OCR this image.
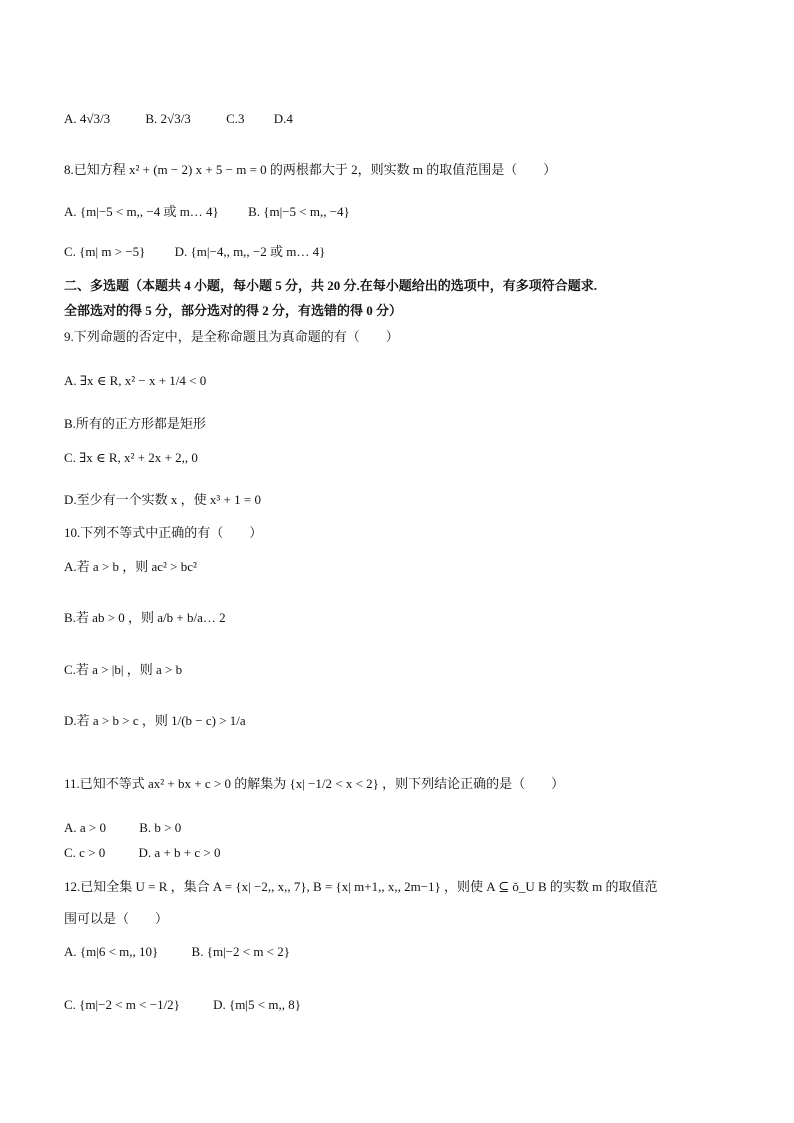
A. 4√3/3	B. 2√3/3	C.3 D.4
8.已知方程 x² + (m − 2) x + 5 − m = 0 的两根都大于 2，则实数 m 的取值范围是（　　）
A. {m|−5 < m,, −4 或 m… 4} B. {m|−5 < m,, −4}
C. {m| m > −5} D. {m|−4,, m,, −2 或 m… 4}
二、多选题（本题共 4 小题，每小题 5 分，共 20 分.在每小题给出的选项中，有多项符合题求.
全部选对的得 5 分，部分选对的得 2 分，有选错的得 0 分）
9.下列命题的否定中，是全称命题且为真命题的有（　　）
A. ∃x ∈ R, x² − x + 1/4 < 0
B.所有的正方形都是矩形
C. ∃x ∈ R, x² + 2x + 2,, 0
D.至少有一个实数 x ，使 x³ + 1 = 0
10.下列不等式中正确的有（　　）
A.若 a > b ，则 ac² > bc²
B.若 ab > 0 ，则 a/b + b/a… 2
C.若 a > |b| ，则 a > b
D.若 a > b > c ，则 1/(b − c) > 1/a
11.已知不等式 ax² + bx + c > 0 的解集为 {x| −1/2 < x < 2} ，则下列结论正确的是（　　）
A. a > 0	B. b > 0
C. c > 0	D. a + b + c > 0
12.已知全集 U = R ，集合 A = {x| −2,, x,, 7}, B = {x| m+1,, x,, 2m−1} ，则使 A ⊆ ǒ_U B 的实数 m 的取值范
围可以是（　　）
A. {m|6 < m,, 10}	B. {m|−2 < m < 2}
C. {m|−2 < m < −1/2}	D. {m|5 < m,, 8}
